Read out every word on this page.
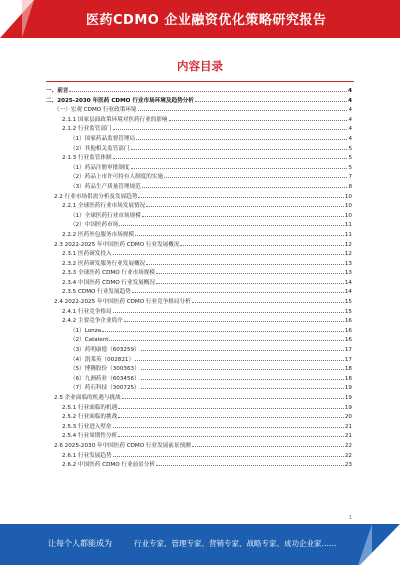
医药CDMO 企业融资优化策略研究报告
内容目录
一、前言	4
二、2025-2030 年医药 CDMO 行业市场环境及趋势分析	4
（一）宏观 CDMO 行业政策环境	4
2.1.1 国家层面政策环境对医药行业的影响	4
2.1.2 行业监管部门	4
（1）国家药品监督管理局	4
（2）其他相关监管部门	5
2.1.3 行业监管体制	5
（1）药品注册审批制度	5
（2）药品上市许可持有人制度的实施	7
（3）药品生产质量管理规范	8
2.2 行业市场供需分析及发展趋势	10
2.2.1 全球医药行业市场发展情况	10
（1）全球医药行业市场规模	10
（2）中国医药市场	11
2.2.2 医药外包服务市场规模	11
2.3 2022-2025 年中国医药 CDMO 行业发展概况	12
2.3.1 医药研发投入	12
2.3.2 医药研发服务行业发展概况	13
2.3.3 全球医药 CDMO 行业市场规模	13
2.3.4 中国医药 CDMO 行业发展概况	14
2.3.5 CDMO 行业发展趋势	14
2.4 2022-2025 年中国医药 CDMO 行业竞争格局分析	15
2.4.1 行业竞争格局	15
2.4.2 主要竞争企业简介	16
（1）Lonza	16
（2）Catalent	16
（3）药明康德（603259）	17
（4）凯莱英（002821）	17
（5）博腾股份（300363）	18
（6）九洲药业（603456）	18
（7）药石科技（300725）	19
2.5 企业面临的机遇与挑战	19
2.5.1 行业面临的机遇	19
2.5.2 行业面临的挑战	20
2.5.3 行业进入壁垒	21
2.5.4 行业周期性分析	21
2.6 2025-2030 年中国医药 CDMO 行业发展前景预测	22
2.6.1 行业发展趋势	22
2.6.2 中国医药 CDMO 行业前景分析	23
1
让每个人都能成为	行业专家、管理专家、营销专家、战略专家、成功企业家……
